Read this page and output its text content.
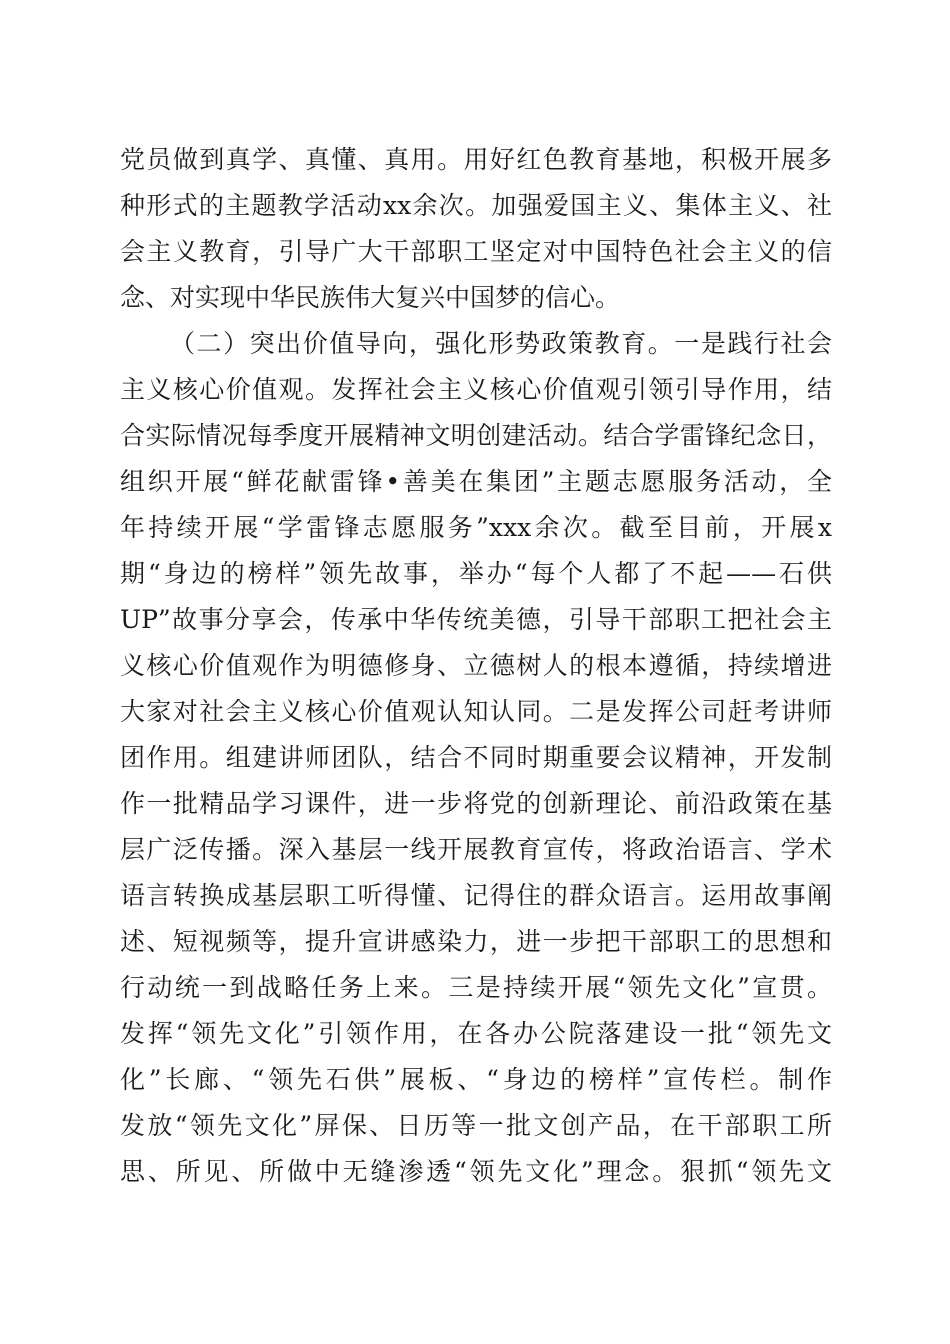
党员做到真学、真懂、真用。用好红色教育基地，积极开展多
种形式的主题教学活动xx余次。加强爱国主义、集体主义、社
会主义教育，引导广大干部职工坚定对中国特色社会主义的信
念、对实现中华民族伟大复兴中国梦的信心。
（二）突出价值导向，强化形势政策教育。一是践行社会
主义核心价值观。发挥社会主义核心价值观引领引导作用，结
合实际情况每季度开展精神文明创建活动。结合学雷锋纪念日，
组织开展“鲜花献雷锋•善美在集团”主题志愿服务活动，全
年持续开展“学雷锋志愿服务”xxx余次。截至目前，开展x
期“身边的榜样”领先故事，举办“每个人都了不起——石供
UP”故事分享会，传承中华传统美德，引导干部职工把社会主
义核心价值观作为明德修身、立德树人的根本遵循，持续增进
大家对社会主义核心价值观认知认同。二是发挥公司赶考讲师
团作用。组建讲师团队，结合不同时期重要会议精神，开发制
作一批精品学习课件，进一步将党的创新理论、前沿政策在基
层广泛传播。深入基层一线开展教育宣传，将政治语言、学术
语言转换成基层职工听得懂、记得住的群众语言。运用故事阐
述、短视频等，提升宣讲感染力，进一步把干部职工的思想和
行动统一到战略任务上来。三是持续开展“领先文化”宣贯。
发挥“领先文化”引领作用，在各办公院落建设一批“领先文
化”长廊、“领先石供”展板、“身边的榜样”宣传栏。制作
发放“领先文化”屏保、日历等一批文创产品，在干部职工所
思、所见、所做中无缝渗透“领先文化”理念。狠抓“领先文
